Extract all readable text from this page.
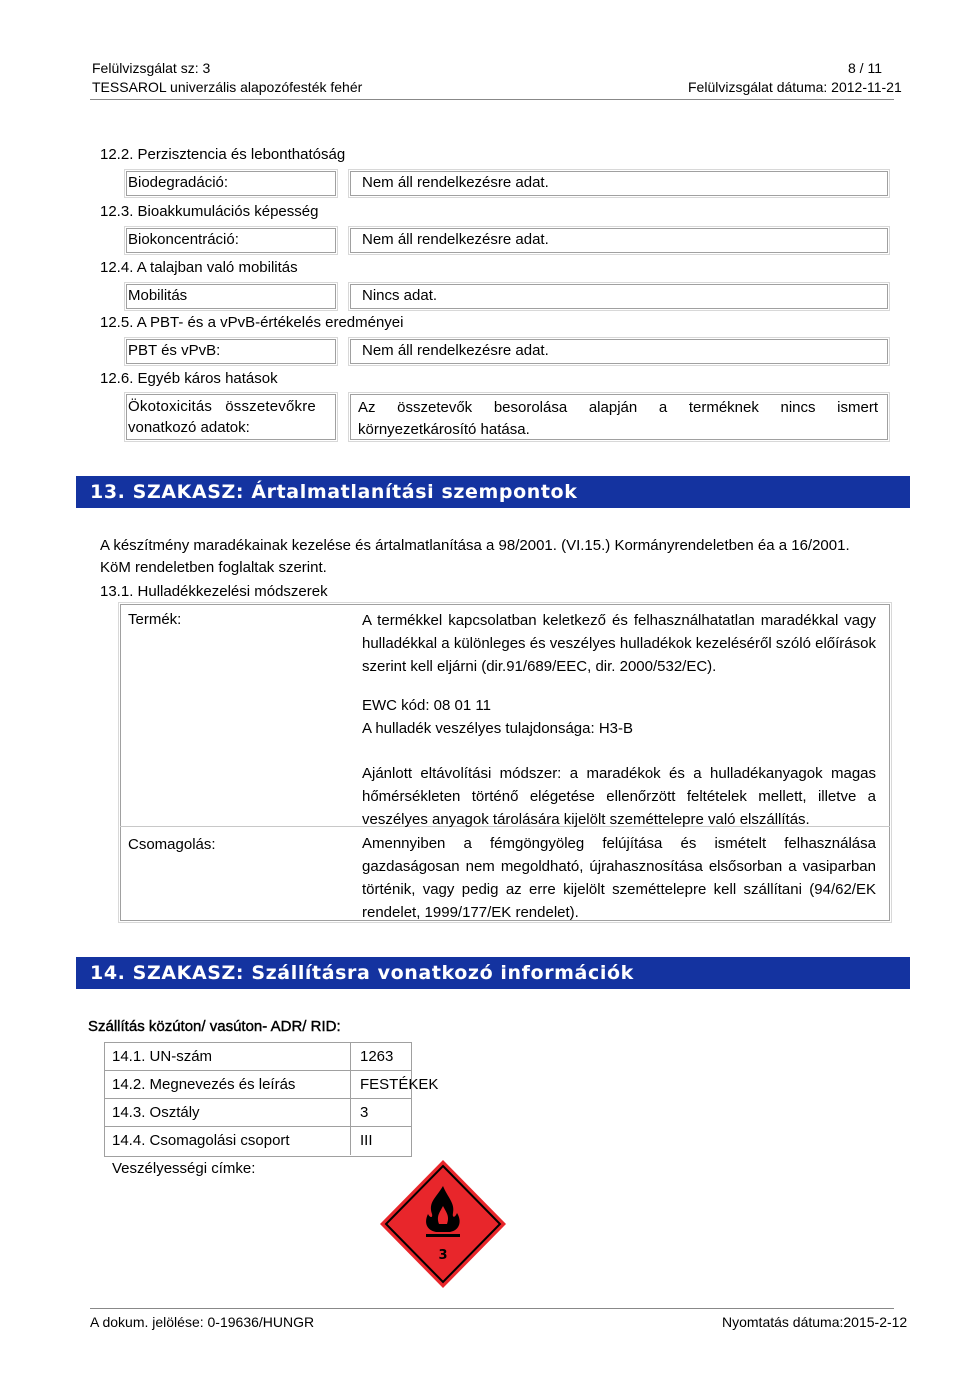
Felülvizsgálat sz: 3
TESSAROL univerzális alapozófesték fehér
8 / 11
Felülvizsgálat dátuma: 2012-11-21
12.2. Perzisztencia és lebonthatóság
Biodegradáció:	Nem áll rendelkezésre adat.
12.3. Bioakkumulációs képesség
Biokoncentráció:	Nem áll rendelkezésre adat.
12.4. A talajban való mobilitás
Mobilitás	Nincs adat.
12.5. A PBT- és a vPvB-értékelés eredményei
PBT és vPvB:	Nem áll rendelkezésre adat.
12.6. Egyéb káros hatások
Ökotoxicitás   összetevőkre
vonatkozó adatok:
Az összetevők besorolása alapján a terméknek nincs ismert környezetkárosító hatása.
13. SZAKASZ: Ártalmatlanítási szempontok
A készítmény maradékainak kezelése és ártalmatlanítása a 98/2001. (VI.15.) Kormányrendeletben éa a 16/2001.
KöM rendeletben foglaltak szerint.
13.1. Hulladékkezelési módszerek
Termék:	A termékkel kapcsolatban keletkező és felhasználhatatlan maradékkal vagy hulladékkal a különleges és veszélyes hulladékok kezeléséről szóló előírások szerint kell eljárni (dir.91/689/EEC, dir. 2000/532/EC).
EWC kód: 08 01 11
A hulladék veszélyes tulajdonsága: H3-B
Ajánlott eltávolítási módszer: a maradékok és a hulladékanyagok magas hőmérsékleten történő elégetése ellenőrzött feltételek mellett, illetve a veszélyes anyagok tárolására kijelölt szeméttelepre való elszállítás.
Csomagolás:	Amennyiben a fémgöngyöleg felújítása és ismételt felhasználása gazdaságosan nem megoldható, újrahasznosítása elsősorban a vasiparban történik, vagy pedig az erre kijelölt szeméttelepre kell szállítani (94/62/EK rendelet, 1999/177/EK rendelet).
14. SZAKASZ: Szállításra vonatkozó információk
Szállítás közúton/ vasúton- ADR/ RID:
14.1. UN-szám	1263
14.2. Megnevezés és leírás	FESTÉKEK
14.3. Osztály	3
14.4. Csomagolási csoport	III
Veszélyességi címke:
3
A dokum. jelölése: 0-19636/HUNGR	Nyomtatás dátuma:2015-2-12
